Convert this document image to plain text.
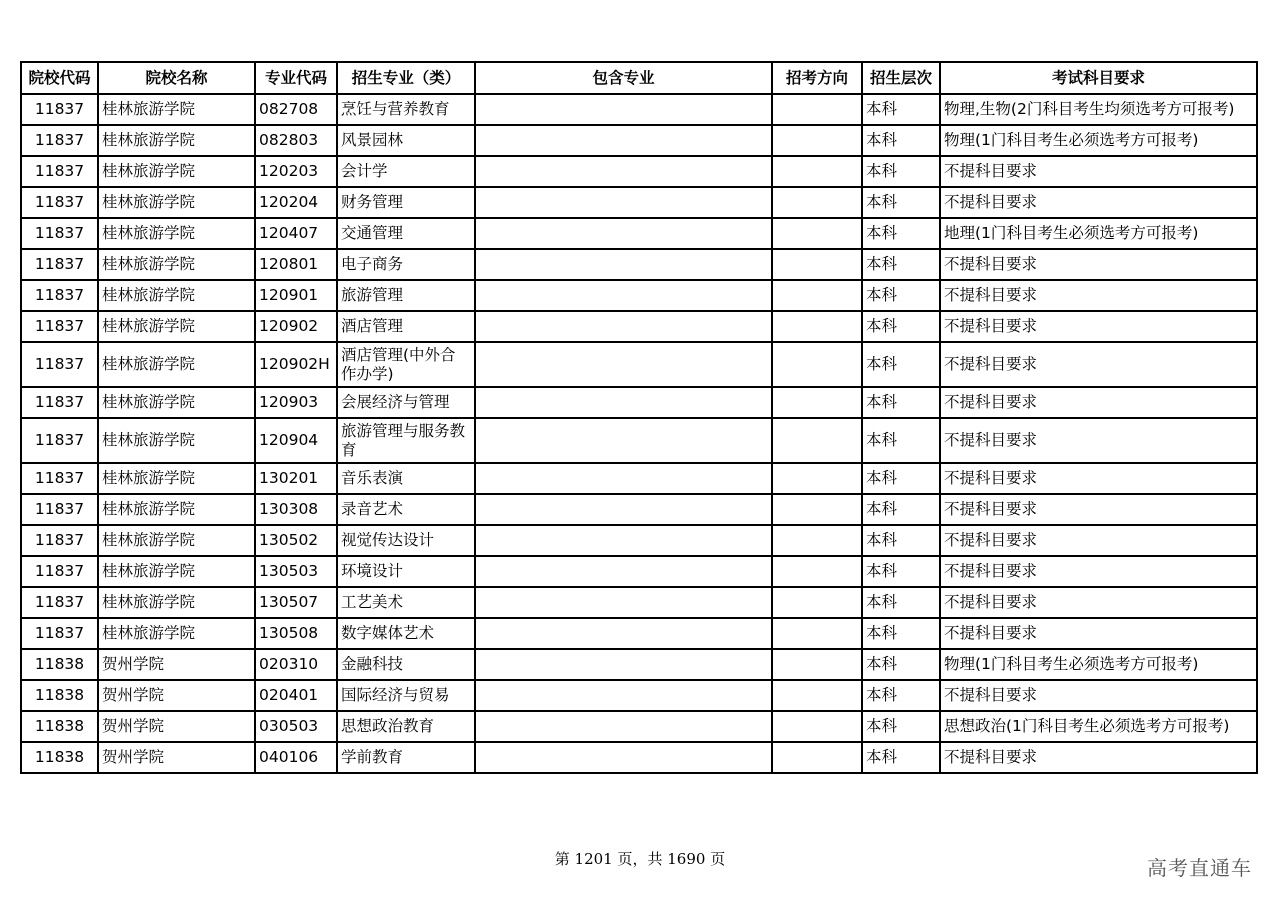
院校代码	院校名称	专业代码	招生专业（类）	包含专业	招考方向	招生层次	考试科目要求
11837	桂林旅游学院	082708	烹饪与营养教育			本科	物理,生物(2门科目考生均须选考方可报考)
11837	桂林旅游学院	082803	风景园林			本科	物理(1门科目考生必须选考方可报考)
11837	桂林旅游学院	120203	会计学			本科	不提科目要求
11837	桂林旅游学院	120204	财务管理			本科	不提科目要求
11837	桂林旅游学院	120407	交通管理			本科	地理(1门科目考生必须选考方可报考)
11837	桂林旅游学院	120801	电子商务			本科	不提科目要求
11837	桂林旅游学院	120901	旅游管理			本科	不提科目要求
11837	桂林旅游学院	120902	酒店管理			本科	不提科目要求
11837	桂林旅游学院	120902H	酒店管理(中外合作办学)			本科	不提科目要求
11837	桂林旅游学院	120903	会展经济与管理			本科	不提科目要求
11837	桂林旅游学院	120904	旅游管理与服务教育			本科	不提科目要求
11837	桂林旅游学院	130201	音乐表演			本科	不提科目要求
11837	桂林旅游学院	130308	录音艺术			本科	不提科目要求
11837	桂林旅游学院	130502	视觉传达设计			本科	不提科目要求
11837	桂林旅游学院	130503	环境设计			本科	不提科目要求
11837	桂林旅游学院	130507	工艺美术			本科	不提科目要求
11837	桂林旅游学院	130508	数字媒体艺术			本科	不提科目要求
11838	贺州学院	020310	金融科技			本科	物理(1门科目考生必须选考方可报考)
11838	贺州学院	020401	国际经济与贸易			本科	不提科目要求
11838	贺州学院	030503	思想政治教育			本科	思想政治(1门科目考生必须选考方可报考)
11838	贺州学院	040106	学前教育			本科	不提科目要求
第 1201 页，共 1690 页	高考直通车
